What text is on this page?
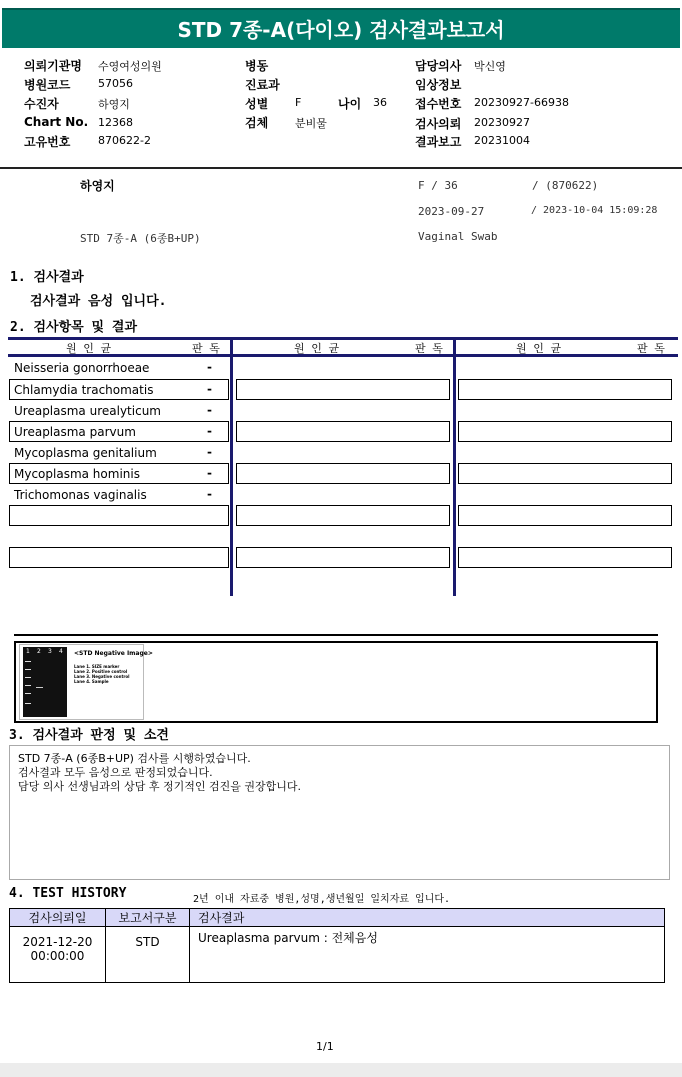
STD 7종-A(다이오) 검사결과보고서
의뢰기관명 수영여성의원
병원코드	57056
수진자	하영지
Chart No. 12368
고유번호	870622-2
병동
진료과
성별 F	나이 36
검체 분비물
담당의사 박신영
임상정보
접수번호 20230927-66938
검사의뢰 20230927
결과보고 20231004
하영지	F / 36	/ (870622)
2023-09-27	/ 2023-10-04 15:09:28
STD 7종-A (6종B+UP)	Vaginal Swab
1. 검사결과
검사결과 음성 입니다.
2. 검사항목 및 결과
원 인 균	판 독	원 인 균	판 독	원 인 균	판 독
Neisseria gonorrhoeae	-
Chlamydia trachomatis	-
Ureaplasma urealyticum	-
Ureaplasma parvum	-
Mycoplasma genitalium	-
Mycoplasma hominis	-
Trichomonas vaginalis	-
1 2 3 4 <STD Negative Image>
Lane 1. SIZE marker
Lane 2. Positive control
Lane 3. Negative control
Lane 4. Sample
3. 검사결과 판정 및 소견
STD 7종-A (6종B+UP) 검사를 시행하였습니다.
검사결과 모두 음성으로 판정되었습니다.
담당 의사 선생님과의 상담 후 정기적인 검진을 권장합니다.
4. TEST HISTORY	2년 이내 자료중 병원,성명,생년월일 일치자료 입니다.
검사의뢰일	보고서구분	검사결과

2021-12-20
00:00:00	STD	Ureaplasma parvum : 전체음성
1/1
